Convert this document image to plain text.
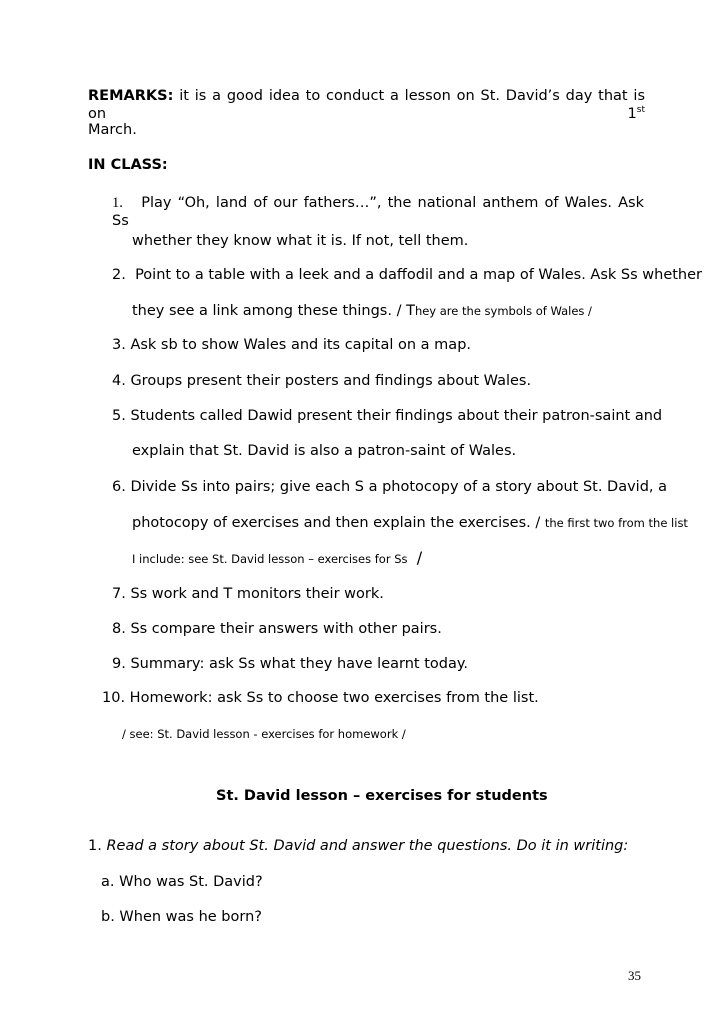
REMARKS: it is a good idea to conduct a lesson on St. David’s day that is on 1st
March.
IN CLASS:
1. Play “Oh, land of our fathers…”, the national anthem of Wales. Ask Ss
whether they know what it is. If not, tell them.
2. Point to a table with a leek and a daffodil and a map of Wales. Ask Ss whether
they see a link among these things. / They are the symbols of Wales /
3. Ask sb to show Wales and its capital on a map.
4. Groups present their posters and findings about Wales.
5. Students called Dawid present their findings about their patron-saint and
explain that St. David is also a patron-saint of Wales.
6. Divide Ss into pairs; give each S a photocopy of a story about St. David, a
photocopy of exercises and then explain the exercises. / the first two from the list
I include: see St. David lesson – exercises for Ss /
7. Ss work and T monitors their work.
8. Ss compare their answers with other pairs.
9. Summary: ask Ss what they have learnt today.
10. Homework: ask Ss to choose two exercises from the list.
/ see: St. David lesson - exercises for homework /
St. David lesson – exercises for students
1. Read a story about St. David and answer the questions. Do it in writing:
a. Who was St. David?
b. When was he born?
35
